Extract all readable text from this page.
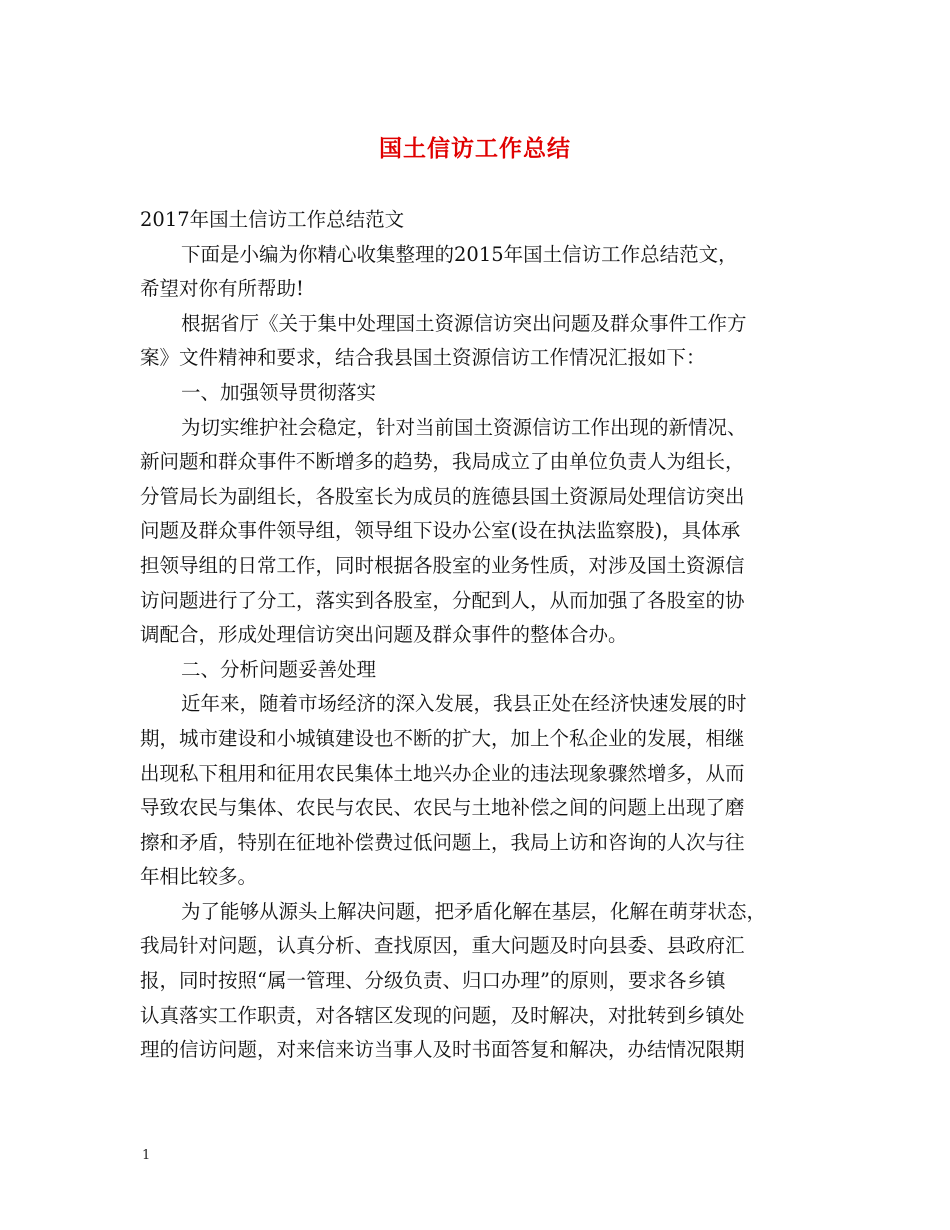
国土信访工作总结
2017年国土信访工作总结范文
下面是小编为你精心收集整理的2015年国土信访工作总结范文，
希望对你有所帮助!
根据省厅《关于集中处理国土资源信访突出问题及群众事件工作方
案》文件精神和要求，结合我县国土资源信访工作情况汇报如下：
一、加强领导贯彻落实
为切实维护社会稳定，针对当前国土资源信访工作出现的新情况、
新问题和群众事件不断增多的趋势，我局成立了由单位负责人为组长，
分管局长为副组长，各股室长为成员的旌德县国土资源局处理信访突出
问题及群众事件领导组，领导组下设办公室(设在执法监察股)，具体承
担领导组的日常工作，同时根据各股室的业务性质，对涉及国土资源信
访问题进行了分工，落实到各股室，分配到人，从而加强了各股室的协
调配合，形成处理信访突出问题及群众事件的整体合办。
二、分析问题妥善处理
近年来，随着市场经济的深入发展，我县正处在经济快速发展的时
期，城市建设和小城镇建设也不断的扩大，加上个私企业的发展，相继
出现私下租用和征用农民集体土地兴办企业的违法现象骤然增多，从而
导致农民与集体、农民与农民、农民与土地补偿之间的问题上出现了磨
擦和矛盾，特别在征地补偿费过低问题上，我局上访和咨询的人次与往
年相比较多。
为了能够从源头上解决问题，把矛盾化解在基层，化解在萌芽状态，
我局针对问题，认真分析、查找原因，重大问题及时向县委、县政府汇
报，同时按照“属一管理、分级负责、归口办理”的原则，要求各乡镇
认真落实工作职责，对各辖区发现的问题，及时解决，对批转到乡镇处
理的信访问题，对来信来访当事人及时书面答复和解决，办结情况限期
1
